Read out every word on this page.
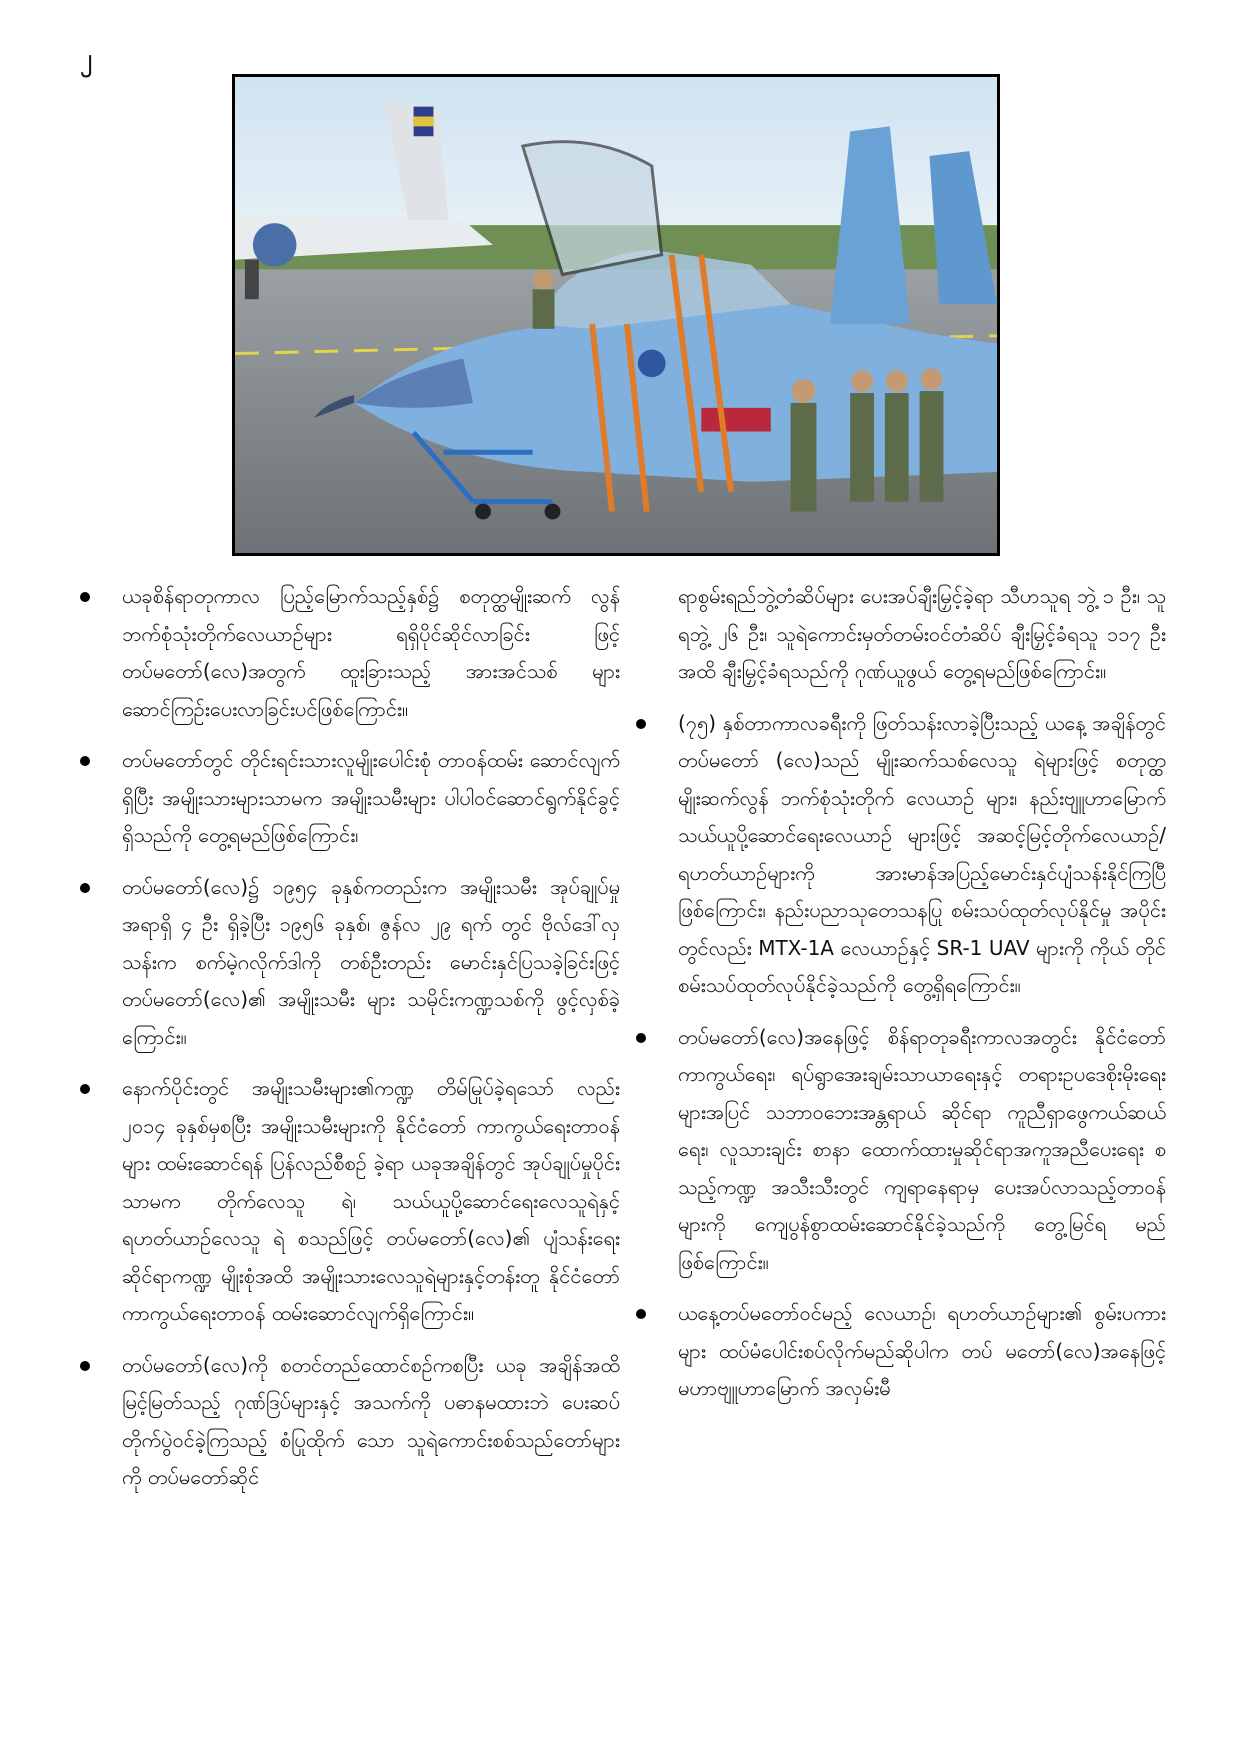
၂
ယခုစိန်ရာတုကာလ ပြည့်မြောက်သည့်နှစ်၌ စတုတ္ထမျိုးဆက် လွန် ဘက်စုံသုံးတိုက်လေယာဉ်များ ရရှိပိုင်ဆိုင်လာခြင်း ဖြင့် တပ်မတော်(လေ)အတွက် ထူးခြားသည့် အားအင်သစ် များ ဆောင်ကြဉ်းပေးလာခြင်းပင်ဖြစ်ကြောင်း။
တပ်မတော်တွင် တိုင်းရင်းသားလူမျိုးပေါင်းစုံ တာဝန်ထမ်း ဆောင်လျက်ရှိပြီး အမျိုးသားများသာမက အမျိုးသမီးများ ပါပါဝင်ဆောင်ရွက်နိုင်ခွင့်ရှိသည်ကို တွေ့ရမည်ဖြစ်ကြောင်း၊
တပ်မတော်(လေ)၌ ၁၉၅၄ ခုနှစ်ကတည်းက အမျိုးသမီး အုပ်ချုပ်မှုအရာရှိ ၄ ဦး ရှိခဲ့ပြီး ၁၉၅၆ ခုနှစ်၊ ဇွန်လ ၂၉ ရက် တွင် ဗိုလ်ဒေါ်လှသန်းက စက်မဲ့ဂလိုက်ဒါကို တစ်ဦးတည်း မောင်းနှင်ပြသခဲ့ခြင်းဖြင့် တပ်မတော်(လေ)၏ အမျိုးသမီး များ သမိုင်းကဏ္ဍသစ်ကို ဖွင့်လှစ်ခဲ့ကြောင်း။
နောက်ပိုင်းတွင် အမျိုးသမီးများ၏ကဏ္ဍ တိမ်မြုပ်ခဲ့ရသော် လည်း ၂၀၁၄ ခုနှစ်မှစပြီး အမျိုးသမီးများကို နိုင်ငံတော် ကာကွယ်ရေးတာဝန်များ ထမ်းဆောင်ရန် ပြန်လည်စီစဉ် ခဲ့ရာ ယခုအချိန်တွင် အုပ်ချုပ်မှုပိုင်းသာမက တိုက်လေသူ ရဲ၊ သယ်ယူပို့ဆောင်ရေးလေသူရဲနှင့် ရဟတ်ယာဉ်လေသူ ရဲ စသည်ဖြင့် တပ်မတော်(လေ)၏ ပျံသန်းရေးဆိုင်ရာကဏ္ဍ မျိုးစုံအထိ အမျိုးသားလေသူရဲများနှင့်တန်းတူ နိုင်ငံတော် ကာကွယ်ရေးတာဝန် ထမ်းဆောင်လျက်ရှိကြောင်း။
တပ်မတော်(လေ)ကို စတင်တည်ထောင်စဉ်ကစပြီး ယခု အချိန်အထိ မြင့်မြတ်သည့် ဂုဏ်ဒြပ်များနှင့် အသက်ကို ပဓာနမထားဘဲ ပေးဆပ်တိုက်ပွဲဝင်ခဲ့ကြသည့် စံပြုထိုက် သော သူရဲကောင်းစစ်သည်တော်များကို တပ်မတော်ဆိုင်
ရာစွမ်းရည်ဘွဲ့တံဆိပ်များ ပေးအပ်ချီးမြှင့်ခဲ့ရာ သီဟသူရ ဘွဲ့ ၁ ဦး၊ သူရဘွဲ့ ၂၆ ဦး၊ သူရဲကောင်းမှတ်တမ်းဝင်တံဆိပ် ချီးမြှင့်ခံရသူ ၁၁၇ ဦးအထိ ချီးမြှင့်ခံရသည်ကို ဂုဏ်ယူဖွယ် တွေ့ရမည်ဖြစ်ကြောင်း။
(၇၅) နှစ်တာကာလခရီးကို ဖြတ်သန်းလာခဲ့ပြီးသည့် ယနေ့ အချိန်တွင် တပ်မတော် (လေ)သည် မျိုးဆက်သစ်လေသူ ရဲများဖြင့် စတုတ္ထမျိုးဆက်လွန် ဘက်စုံသုံးတိုက် လေယာဉ် များ၊ နည်းဗျူဟာမြောက် သယ်ယူပို့ဆောင်ရေးလေယာဉ် များဖြင့် အဆင့်မြင့်တိုက်လေယာဉ်/ရဟတ်ယာဉ်များကို အားမာန်အပြည့်မောင်းနှင်ပျံသန်းနိုင်ကြပြီ ဖြစ်ကြောင်း၊ နည်းပညာသုတေသနပြု စမ်းသပ်ထုတ်လုပ်နိုင်မှု အပိုင်း တွင်လည်း MTX-1A လေယာဉ်နှင့် SR-1 UAV များကို ကိုယ် တိုင်စမ်းသပ်ထုတ်လုပ်နိုင်ခဲ့သည်ကို တွေ့ရှိရကြောင်း။
တပ်မတော်(လေ)အနေဖြင့် စိန်ရာတုခရီးကာလအတွင်း နိုင်ငံတော်ကာကွယ်ရေး၊ ရပ်ရွာအေးချမ်းသာယာရေးနှင့် တရားဥပဒေစိုးမိုးရေးများအပြင် သဘာဝဘေးအန္တရာယ် ဆိုင်ရာ ကူညီရှာဖွေကယ်ဆယ်ရေး၊ လူသားချင်း စာနာ ထောက်ထားမှုဆိုင်ရာအကူအညီပေးရေး စသည့်ကဏ္ဍ အသီးသီးတွင် ကျရာနေရာမှ ပေးအပ်လာသည့်တာဝန် များကို ကျေပွန်စွာထမ်းဆောင်နိုင်ခဲ့သည်ကို တွေ့မြင်ရ မည်ဖြစ်ကြောင်း။
ယနေ့တပ်မတော်ဝင်မည့် လေယာဉ်၊ ရဟတ်ယာဉ်များ၏ စွမ်းပကားများ ထပ်မံပေါင်းစပ်လိုက်မည်ဆိုပါက တပ် မတော်(လေ)အနေဖြင့် မဟာဗျူဟာမြောက် အလှမ်းမီ
